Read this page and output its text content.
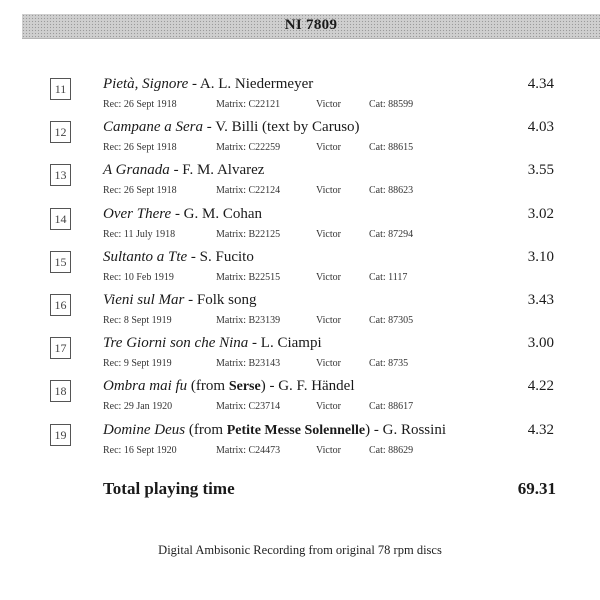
NI 7809
11	Pietà, Signore - A. L. Niedermeyer	4.34
Rec: 26 Sept 1918	Matrix: C22121	Victor	Cat: 88599
12	Campane a Sera - V. Billi (text by Caruso)	4.03
Rec: 26 Sept 1918	Matrix: C22259	Victor	Cat: 88615
13	A Granada - F. M. Alvarez	3.55
Rec: 26 Sept 1918	Matrix: C22124	Victor	Cat: 88623
14	Over There - G. M. Cohan	3.02
Rec: 11 July 1918	Matrix: B22125	Victor	Cat: 87294
15	Sultanto a Tte - S. Fucito	3.10
Rec: 10 Feb 1919	Matrix: B22515	Victor	Cat: 1117
16	Vieni sul Mar - Folk song	3.43
Rec: 8 Sept 1919	Matrix: B23139	Victor	Cat: 87305
17	Tre Giorni son che Nina - L. Ciampi	3.00
Rec: 9 Sept 1919	Matrix: B23143	Victor	Cat: 8735
18	Ombra mai fu (from Serse) - G. F. Händel	4.22
Rec: 29 Jan 1920	Matrix: C23714	Victor	Cat: 88617
19	Domine Deus (from Petite Messe Solennelle) - G. Rossini	4.32
Rec: 16 Sept 1920	Matrix: C24473	Victor	Cat: 88629
Total playing time	69.31
Digital Ambisonic Recording from original 78 rpm discs
